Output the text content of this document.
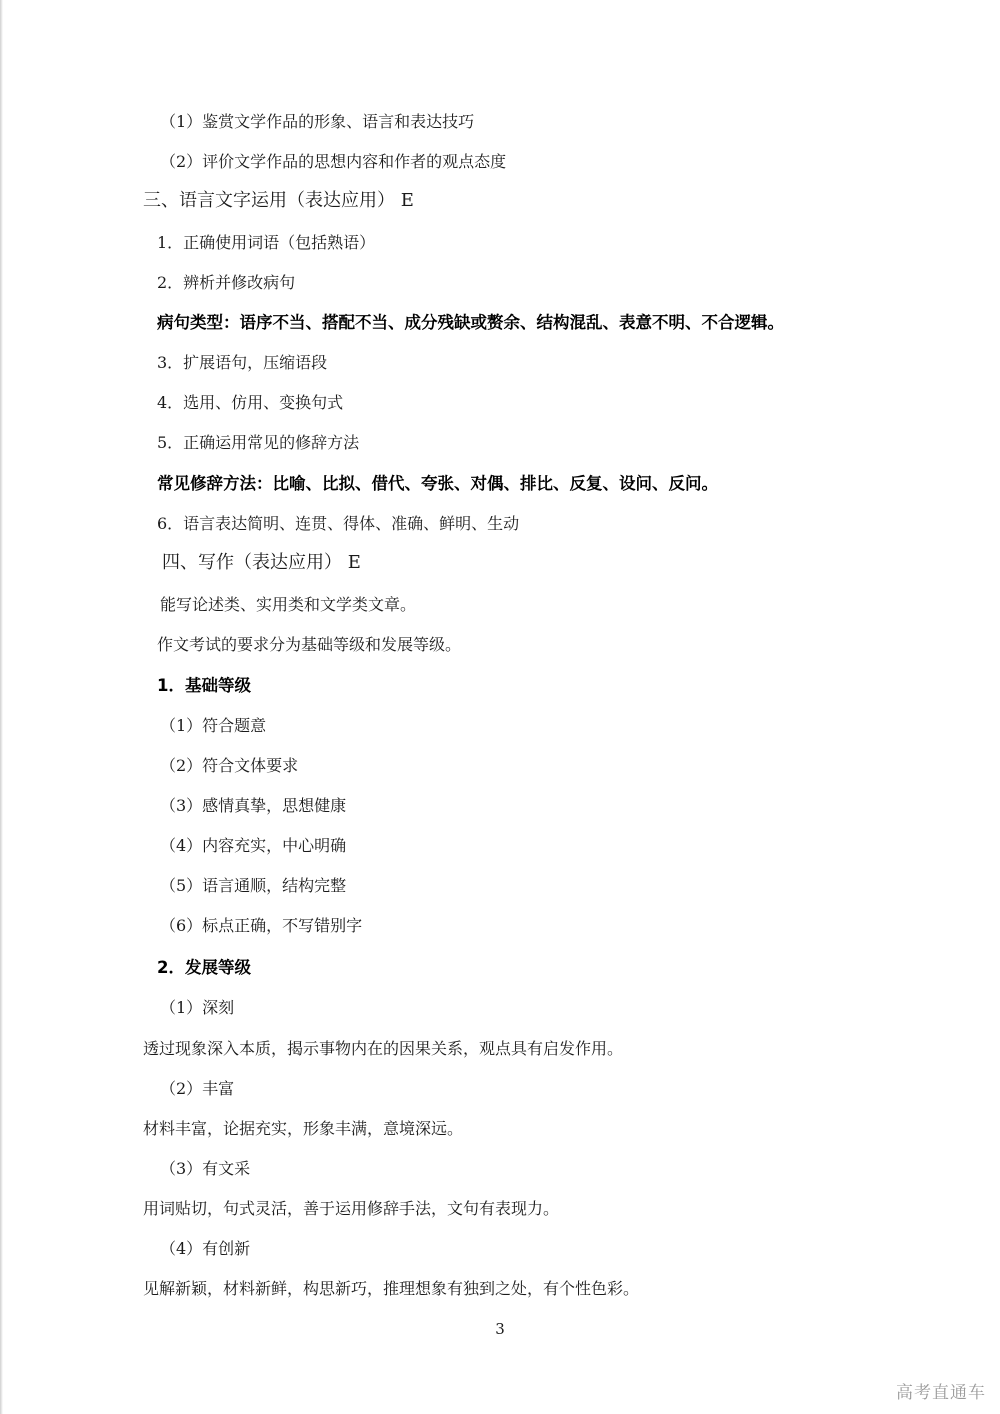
（1）鉴赏文学作品的形象、语言和表达技巧
（2）评价文学作品的思想内容和作者的观点态度
三、语言文字运用（表达应用） E
1．正确使用词语（包括熟语）
2．辨析并修改病句
病句类型：语序不当、搭配不当、成分残缺或赘余、结构混乱、表意不明、不合逻辑。
3．扩展语句，压缩语段
4．选用、仿用、变换句式
5．正确运用常见的修辞方法
常见修辞方法：比喻、比拟、借代、夸张、对偶、排比、反复、设问、反问。
6．语言表达简明、连贯、得体、准确、鲜明、生动
四、写作（表达应用） E
能写论述类、实用类和文学类文章。
作文考试的要求分为基础等级和发展等级。
1．基础等级
（1）符合题意
（2）符合文体要求
（3）感情真挚，思想健康
（4）内容充实，中心明确
（5）语言通顺，结构完整
（6）标点正确，不写错别字
2．发展等级
（1）深刻
透过现象深入本质，揭示事物内在的因果关系，观点具有启发作用。
（2）丰富
材料丰富，论据充实，形象丰满，意境深远。
（3）有文采
用词贴切，句式灵活，善于运用修辞手法，文句有表现力。
（4）有创新
见解新颖，材料新鲜，构思新巧，推理想象有独到之处，有个性色彩。
3
高考直通车
